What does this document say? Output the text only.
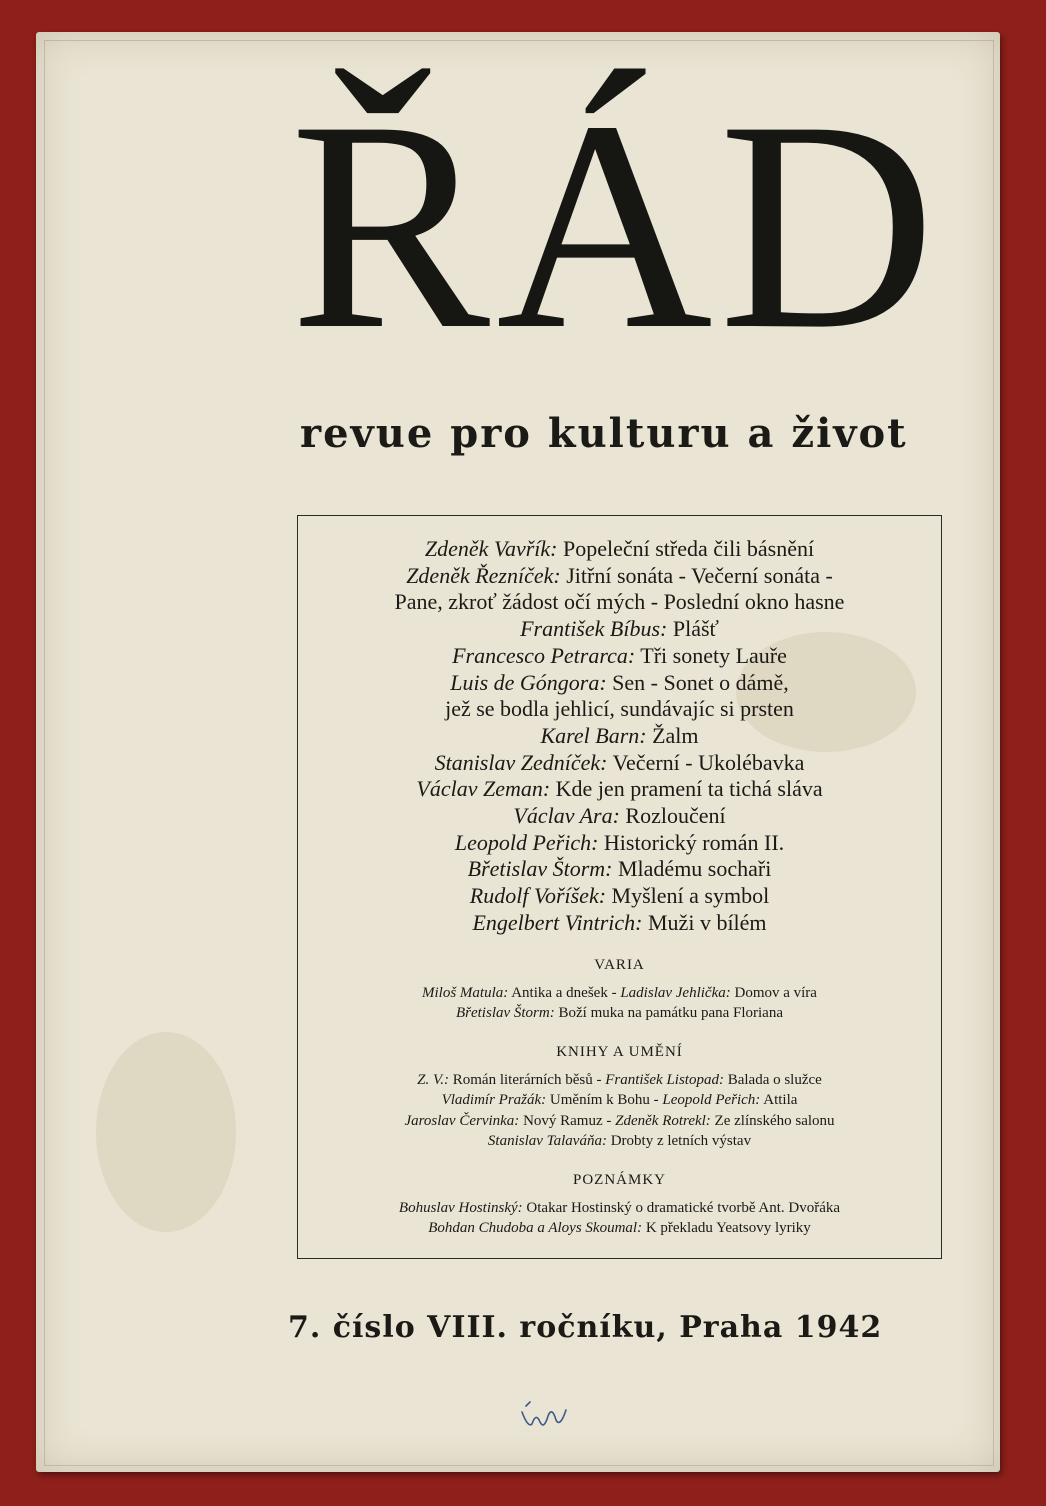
ŘÁD
revue pro kulturu a život
Zdeněk Vavřík: Popeleční středa čili básnění
Zdeněk Řezníček: Jitřní sonáta - Večerní sonáta -
Pane, zkroť žádost očí mých - Poslední okno hasne
František Bíbus: Plášť
Francesco Petrarca: Tři sonety Lauře
Luis de Góngora: Sen - Sonet o dámě,
jež se bodla jehlicí, sundávajíc si prsten
Karel Barn: Žalm
Stanislav Zedníček: Večerní - Ukolébavka
Václav Zeman: Kde jen pramení ta tichá sláva
Václav Ara: Rozloučení
Leopold Peřich: Historický román II.
Břetislav Štorm: Mladému sochaři
Rudolf Voříšek: Myšlení a symbol
Engelbert Vintrich: Muži v bílém
VARIA
Miloš Matula: Antika a dnešek - Ladislav Jehlička: Domov a víra
Břetislav Štorm: Boží muka na památku pana Floriana
KNIHY A UMĚNÍ
Z. V.: Román literárních běsů - František Listopad: Balada o služce
Vladimír Pražák: Uměním k Bohu - Leopold Peřich: Attila
Jaroslav Červinka: Nový Ramuz - Zdeněk Rotrekl: Ze zlínského salonu
Stanislav Talaváňa: Drobty z letních výstav
POZNÁMKY
Bohuslav Hostinský: Otakar Hostinský o dramatické tvorbě Ant. Dvořáka
Bohdan Chudoba a Aloys Skoumal: K překladu Yeatsovy lyriky
7. číslo VIII. ročníku, Praha 1942
